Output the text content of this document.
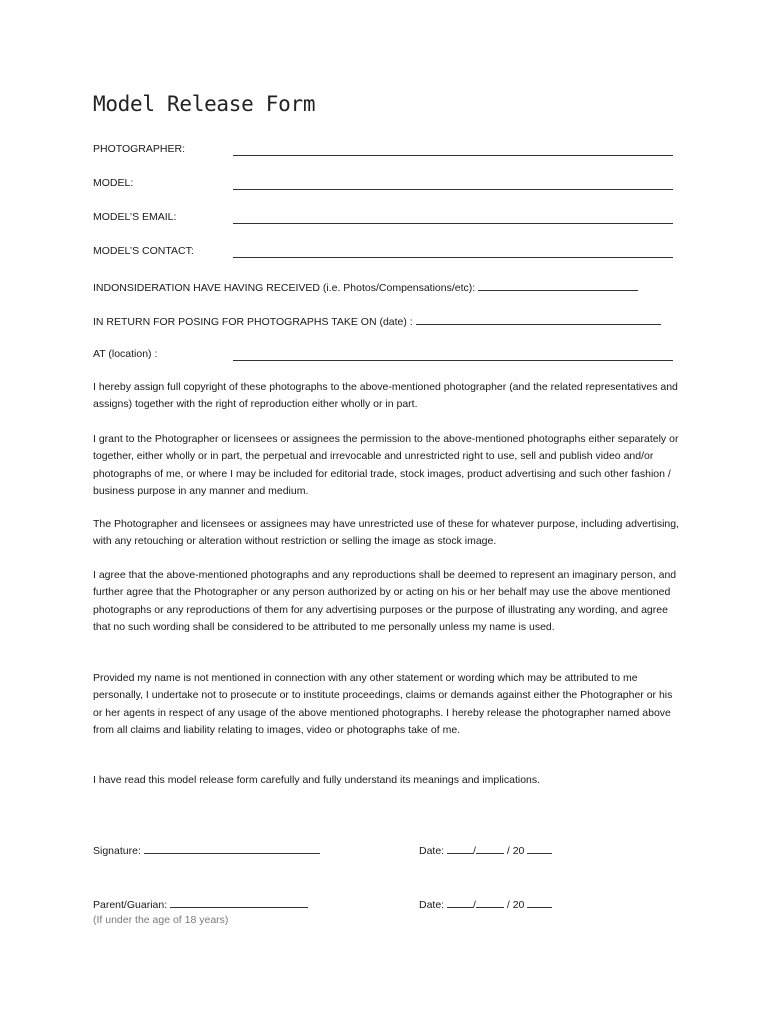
Model Release Form
PHOTOGRAPHER:
MODEL:
MODEL’S EMAIL:
MODEL’S CONTACT:
INDONSIDERATION HAVE HAVING RECEIVED (i.e. Photos/Compensations/etc):
IN RETURN FOR POSING FOR PHOTOGRAPHS TAKE ON (date) :
AT (location) :

I hereby assign full copyright of these photographs to the above-mentioned photographer (and the related representatives and assigns) together with the right of reproduction either wholly or in part.

I grant to the Photographer or licensees or assignees the permission to the above-mentioned photographs either separately or together, either wholly or in part, the perpetual and irrevocable and unrestricted right to use, sell and publish video and/or photographs of me, or where I may be included for editorial trade, stock images, product advertising and such other fashion / business purpose in any manner and medium.

The Photographer and licensees or assignees may have unrestricted use of these for whatever purpose, including advertising, with any retouching or alteration without restriction or selling the image as stock image.

I agree that the above-mentioned photographs and any reproductions shall be deemed to represent an imaginary person, and further agree that the Photographer or any person authorized by or acting on his or her behalf may use the above mentioned photographs or any reproductions of them for any advertising purposes or the purpose of illustrating any wording, and agree that no such wording shall be considered to be attributed to me personally unless my name is used.

Provided my name is not mentioned in connection with any other statement or wording which may be attributed to me personally, I undertake not to prosecute or to institute proceedings, claims or demands against either the Photographer or his or her agents in respect of any usage of the above mentioned photographs. I hereby release the photographer named above from all claims and liability relating to images, video or photographs take of me.

I have read this model release form carefully and fully understand its meanings and implications.

Signature:	Date:	/	/ 20
Parent/Guarian:	Date:	/	/ 20
(If under the age of 18 years)
